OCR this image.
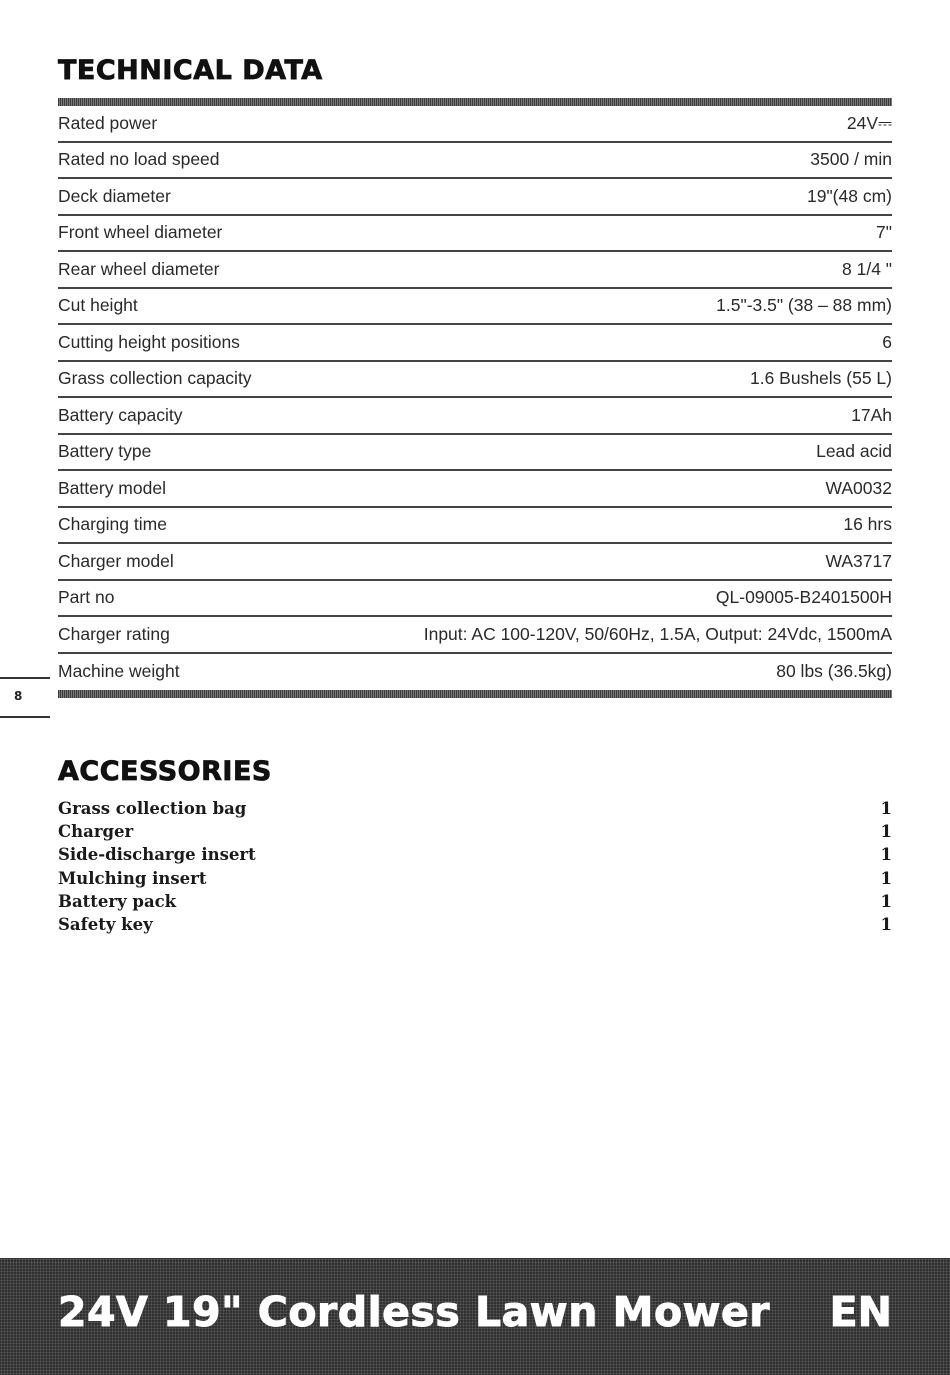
TECHNICAL DATA
Rated power	24V⎓
Rated no load speed	3500 / min
Deck diameter	19"(48 cm)
Front wheel diameter	7"
Rear wheel diameter	8 1/4 "
Cut height	1.5"-3.5" (38 – 88 mm)
Cutting height positions	6
Grass collection capacity	1.6 Bushels (55 L)
Battery capacity	17Ah
Battery type	Lead acid
Battery model	WA0032
Charging time	16 hrs
Charger model	WA3717
Part no	QL-09005-B2401500H
Charger rating	Input: AC 100-120V, 50/60Hz, 1.5A, Output: 24Vdc, 1500mA
Machine weight	80 lbs (36.5kg)
8
ACCESSORIES
Grass collection bag	1
Charger	1
Side-discharge insert	1
Mulching insert	1
Battery pack	1
Safety key	1
24V 19" Cordless Lawn Mower EN
